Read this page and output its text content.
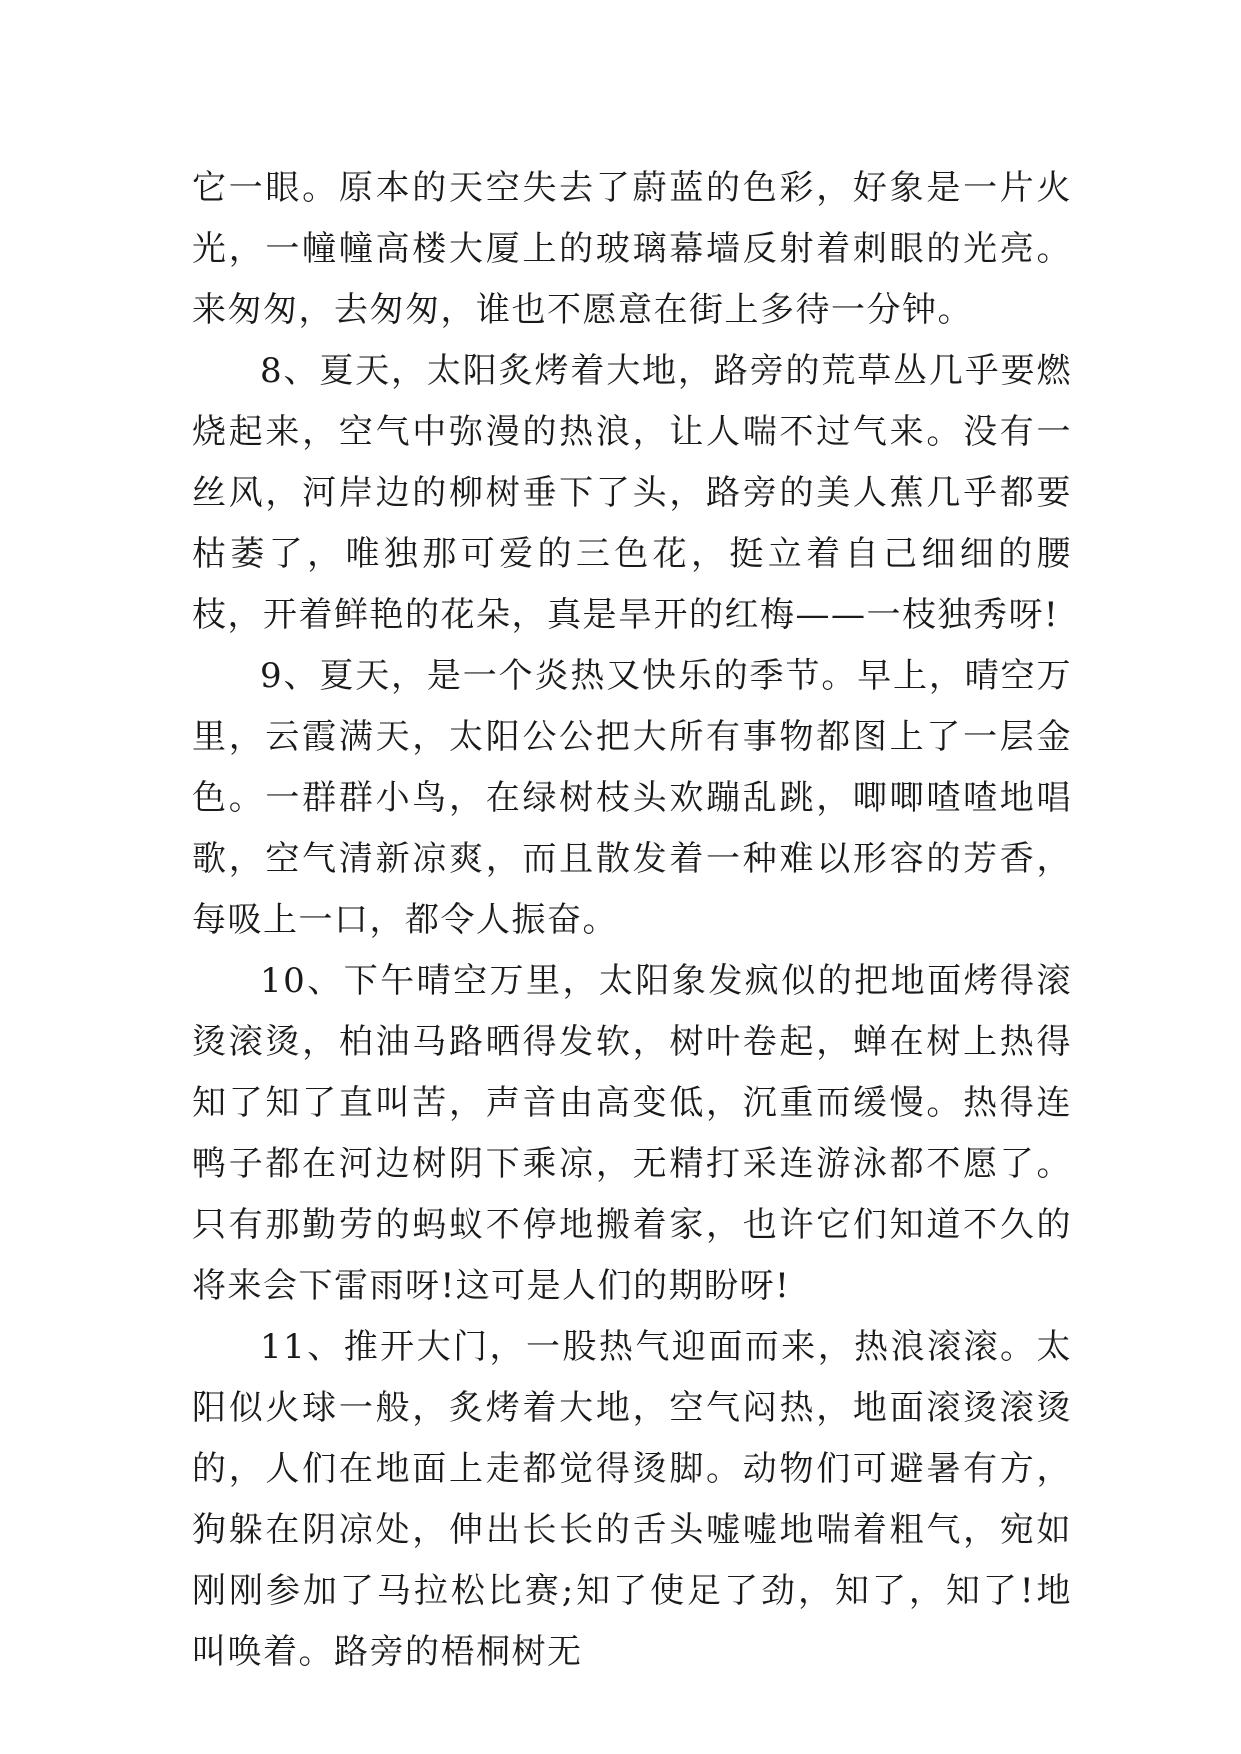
它一眼。原本的天空失去了蔚蓝的色彩，好象是一片火光，一幢幢高楼大厦上的玻璃幕墙反射着刺眼的光亮。来匆匆，去匆匆，谁也不愿意在街上多待一分钟。

8、夏天，太阳炙烤着大地，路旁的荒草丛几乎要燃烧起来，空气中弥漫的热浪，让人喘不过气来。没有一丝风，河岸边的柳树垂下了头，路旁的美人蕉几乎都要枯萎了，唯独那可爱的三色花，挺立着自己细细的腰枝，开着鲜艳的花朵，真是旱开的红梅——一枝独秀呀!

9、夏天，是一个炎热又快乐的季节。早上，晴空万里，云霞满天，太阳公公把大所有事物都图上了一层金色。一群群小鸟，在绿树枝头欢蹦乱跳，唧唧喳喳地唱歌，空气清新凉爽，而且散发着一种难以形容的芳香，每吸上一口，都令人振奋。

10、下午晴空万里，太阳象发疯似的把地面烤得滚烫滚烫，柏油马路晒得发软，树叶卷起，蝉在树上热得知了知了直叫苦，声音由高变低，沉重而缓慢。热得连鸭子都在河边树阴下乘凉，无精打采连游泳都不愿了。只有那勤劳的蚂蚁不停地搬着家，也许它们知道不久的将来会下雷雨呀!这可是人们的期盼呀!

11、推开大门，一股热气迎面而来，热浪滚滚。太阳似火球一般，炙烤着大地，空气闷热，地面滚烫滚烫的，人们在地面上走都觉得烫脚。动物们可避暑有方，狗躲在阴凉处，伸出长长的舌头嘘嘘地喘着粗气，宛如刚刚参加了马拉松比赛;知了使足了劲，知了，知了!地叫唤着。路旁的梧桐树无
